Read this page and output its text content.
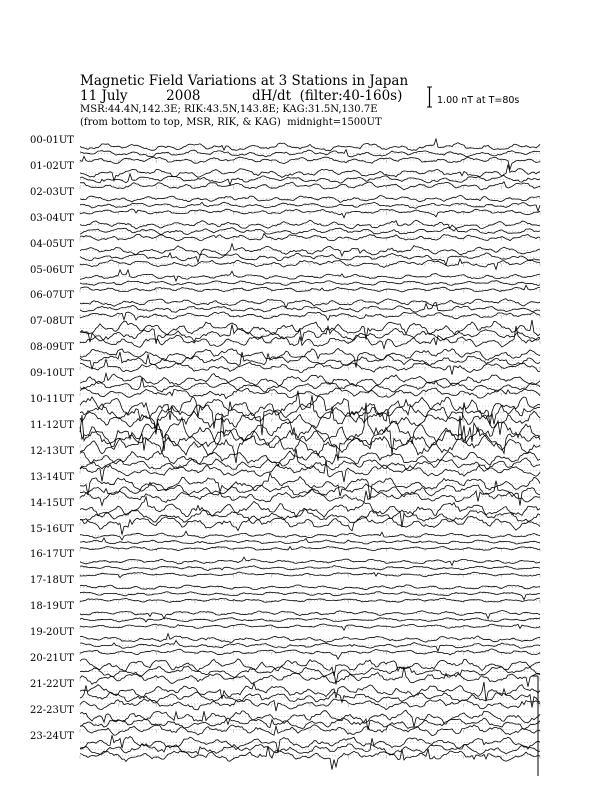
Magnetic Field Variations at 3 Stations in Japan
11 July	2008	dH/dt (filter:40-160s)
MSR:44.4N,142.3E; RIK:43.5N,143.8E; KAG:31.5N,130.7E
(from bottom to top, MSR, RIK, & KAG) midnight=1500UT
1.00 nT at T=80s
00-01UT
01-02UT
02-03UT
03-04UT
04-05UT
05-06UT
06-07UT
07-08UT
08-09UT
09-10UT
10-11UT
11-12UT
12-13UT
13-14UT
14-15UT
15-16UT
16-17UT
17-18UT
18-19UT
19-20UT
20-21UT
21-22UT
22-23UT
23-24UT
